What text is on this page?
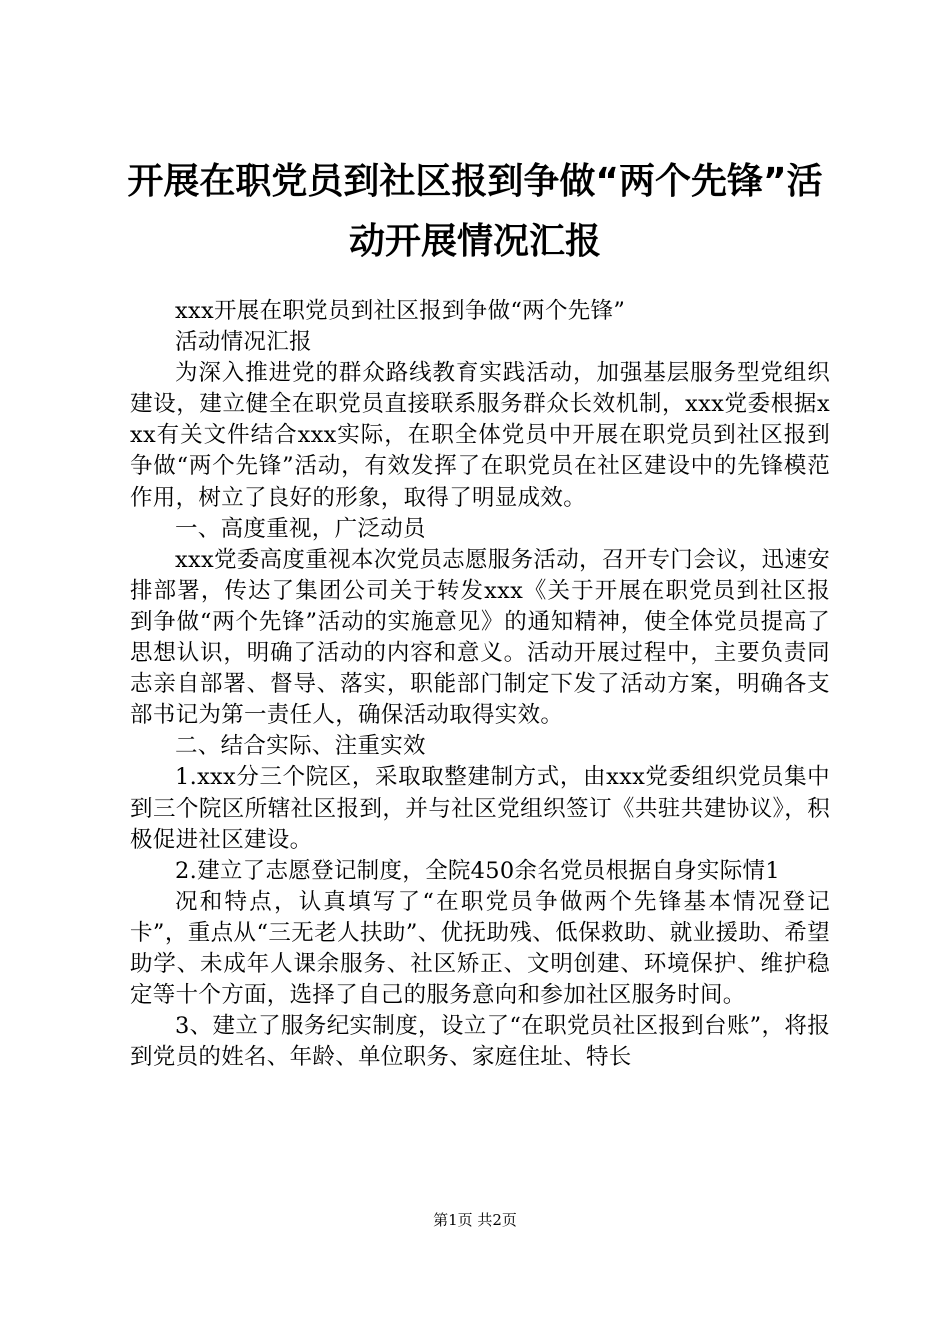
开展在职党员到社区报到争做“两个先锋”活
动开展情况汇报

xxx开展在职党员到社区报到争做“两个先锋”

活动情况汇报

为深入推进党的群众路线教育实践活动，加强基层服务型党组织建设，建立健全在职党员直接联系服务群众长效机制，xxx党委根据xxx有关文件结合xxx实际，在职全体党员中开展在职党员到社区报到争做“两个先锋”活动，有效发挥了在职党员在社区建设中的先锋模范作用，树立了良好的形象，取得了明显成效。

一、高度重视，广泛动员

xxx党委高度重视本次党员志愿服务活动，召开专门会议，迅速安排部署，传达了集团公司关于转发xxx《关于开展在职党员到社区报到争做“两个先锋”活动的实施意见》的通知精神，使全体党员提高了思想认识，明确了活动的内容和意义。活动开展过程中，主要负责同志亲自部署、督导、落实，职能部门制定下发了活动方案，明确各支部书记为第一责任人，确保活动取得实效。

二、结合实际、注重实效

1.xxx分三个院区，采取取整建制方式，由xxx党委组织党员集中到三个院区所辖社区报到，并与社区党组织签订《共驻共建协议》，积极促进社区建设。

2.建立了志愿登记制度，全院450余名党员根据自身实际情1

况和特点，认真填写了“在职党员争做两个先锋基本情况登记卡”，重点从“三无老人扶助”、优抚助残、低保救助、就业援助、希望助学、未成年人课余服务、社区矫正、文明创建、环境保护、维护稳定等十个方面，选择了自己的服务意向和参加社区服务时间。

3、建立了服务纪实制度，设立了“在职党员社区报到台账”，将报到党员的姓名、年龄、单位职务、家庭住址、特长

第1页 共2页
